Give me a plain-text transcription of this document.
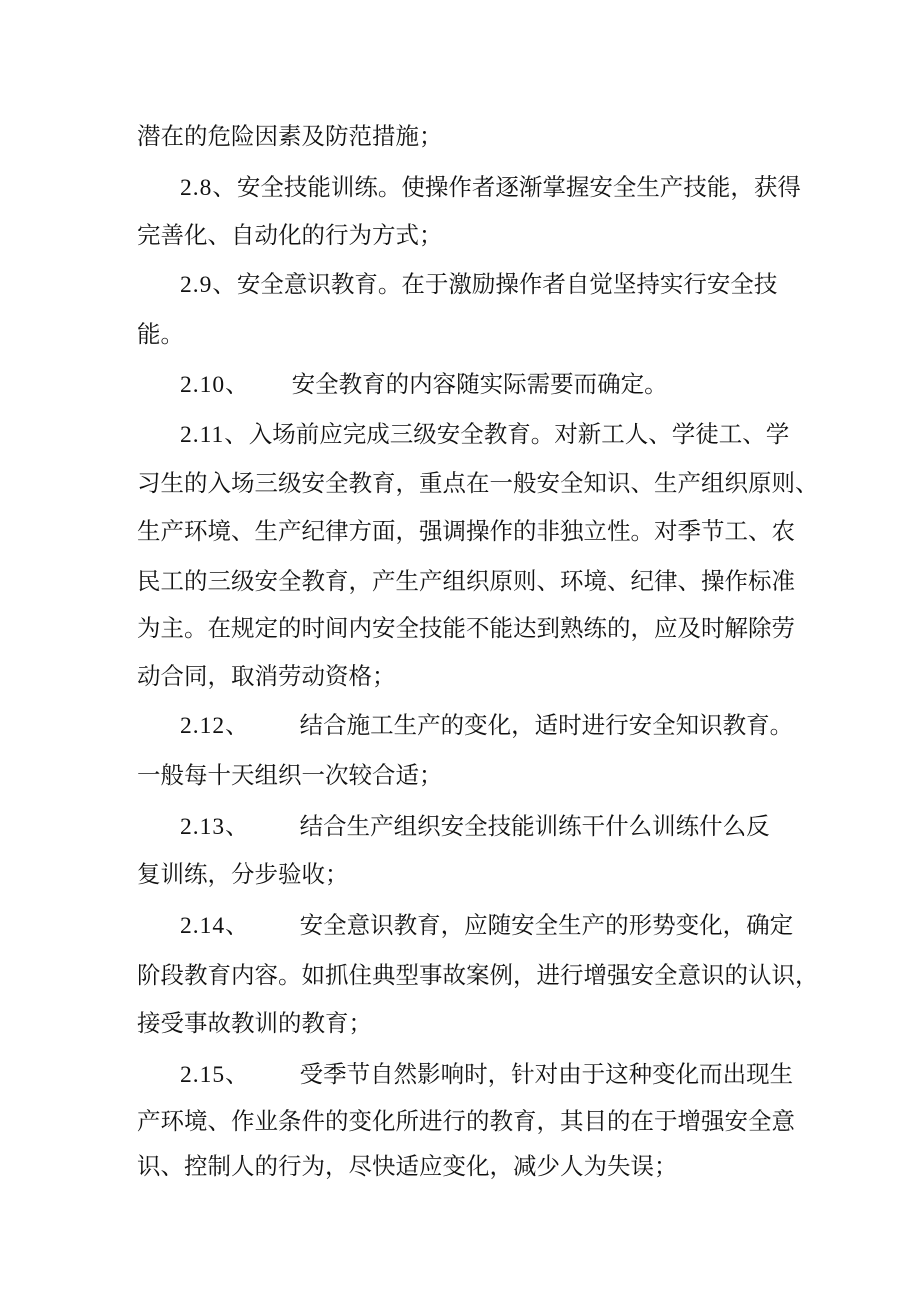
潜在的危险因素及防范措施；
2.8、安全技能训练。使操作者逐渐掌握安全生产技能，获得
完善化、自动化的行为方式；
2.9、安全意识教育。在于激励操作者自觉坚持实行安全技
能。
2.10、 安全教育的内容随实际需要而确定。
2.11、入场前应完成三级安全教育。对新工人、学徒工、学
习生的入场三级安全教育，重点在一般安全知识、生产组织原则、
生产环境、生产纪律方面，强调操作的非独立性。对季节工、农
民工的三级安全教育，产生产组织原则、环境、纪律、操作标准
为主。在规定的时间内安全技能不能达到熟练的，应及时解除劳
动合同，取消劳动资格；
2.12、 结合施工生产的变化，适时进行安全知识教育。
一般每十天组织一次较合适；
2.13、 结合生产组织安全技能训练干什么训练什么反
复训练，分步验收；
2.14、 安全意识教育，应随安全生产的形势变化，确定
阶段教育内容。如抓住典型事故案例，进行增强安全意识的认识，
接受事故教训的教育；
2.15、 受季节自然影响时，针对由于这种变化而出现生
产环境、作业条件的变化所进行的教育，其目的在于增强安全意
识、控制人的行为，尽快适应变化，减少人为失误；
